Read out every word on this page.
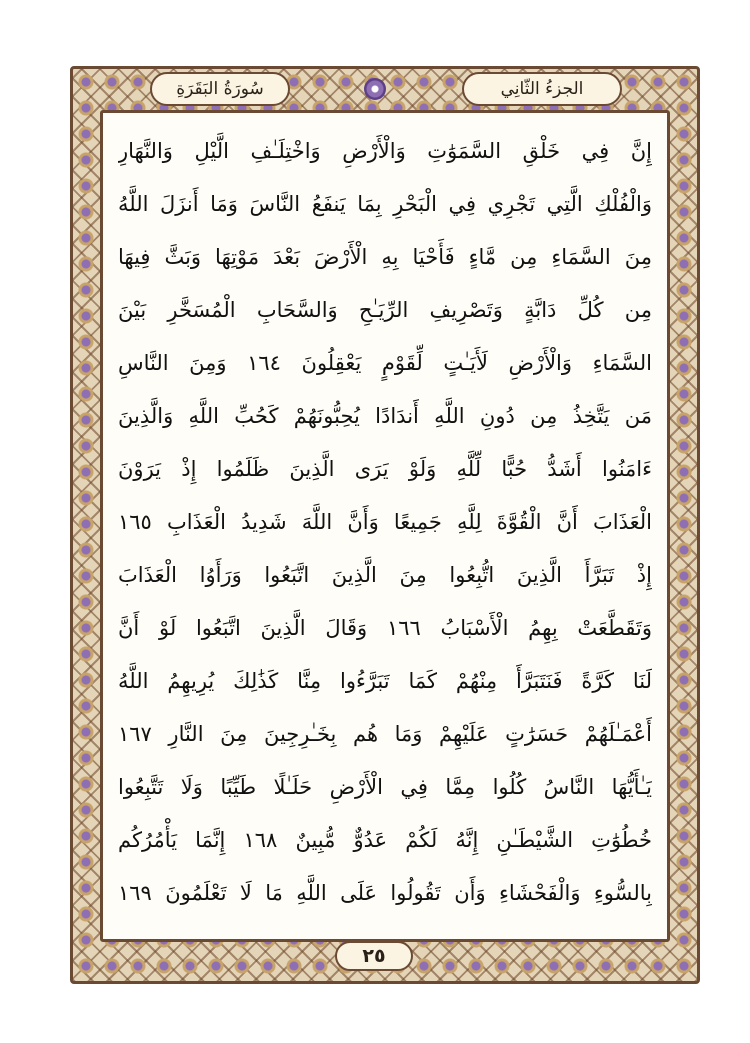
الجزءُ الثّانِي
سُورَةُ البَقَرَةِ
إِنَّ فِي خَلْقِ السَّمَوَٰتِ وَالْأَرْضِ وَاخْتِلَـٰفِ الَّيْلِ وَالنَّهَارِ
وَالْفُلْكِ الَّتِي تَجْرِي فِي الْبَحْرِ بِمَا يَنفَعُ النَّاسَ وَمَا أَنزَلَ اللَّهُ
مِنَ السَّمَاءِ مِن مَّاءٍ فَأَحْيَا بِهِ الْأَرْضَ بَعْدَ مَوْتِهَا وَبَثَّ فِيهَا
مِن كُلِّ دَابَّةٍ وَتَصْرِيفِ الرِّيَـٰحِ وَالسَّحَابِ الْمُسَخَّرِ بَيْنَ
السَّمَاءِ وَالْأَرْضِ لَأَيَـٰتٍ لِّقَوْمٍ يَعْقِلُونَ ١٦٤ وَمِنَ النَّاسِ
مَن يَتَّخِذُ مِن دُونِ اللَّهِ أَندَادًا يُحِبُّونَهُمْ كَحُبِّ اللَّهِ وَالَّذِينَ
ءَامَنُوا أَشَدُّ حُبًّا لِّلَّهِ وَلَوْ يَرَى الَّذِينَ ظَلَمُوا إِذْ يَرَوْنَ
الْعَذَابَ أَنَّ الْقُوَّةَ لِلَّهِ جَمِيعًا وَأَنَّ اللَّهَ شَدِيدُ الْعَذَابِ ١٦٥
إِذْ تَبَرَّأَ الَّذِينَ اتُّبِعُوا مِنَ الَّذِينَ اتَّبَعُوا وَرَأَوُا الْعَذَابَ
وَتَقَطَّعَتْ بِهِمُ الْأَسْبَابُ ١٦٦ وَقَالَ الَّذِينَ اتَّبَعُوا لَوْ أَنَّ
لَنَا كَرَّةً فَنَتَبَرَّأَ مِنْهُمْ كَمَا تَبَرَّءُوا مِنَّا كَذَٰلِكَ يُرِيهِمُ اللَّهُ
أَعْمَـٰلَهُمْ حَسَرَٰتٍ عَلَيْهِمْ وَمَا هُم بِخَـٰرِجِينَ مِنَ النَّارِ ١٦٧
يَـٰأَيُّهَا النَّاسُ كُلُوا مِمَّا فِي الْأَرْضِ حَلَـٰلًا طَيِّبًا وَلَا تَتَّبِعُوا
خُطُوَٰتِ الشَّيْطَـٰنِ إِنَّهُ لَكُمْ عَدُوٌّ مُّبِينٌ ١٦٨ إِنَّمَا يَأْمُرُكُم
بِالسُّوءِ وَالْفَحْشَاءِ وَأَن تَقُولُوا عَلَى اللَّهِ مَا لَا تَعْلَمُونَ ١٦٩
٢٥
